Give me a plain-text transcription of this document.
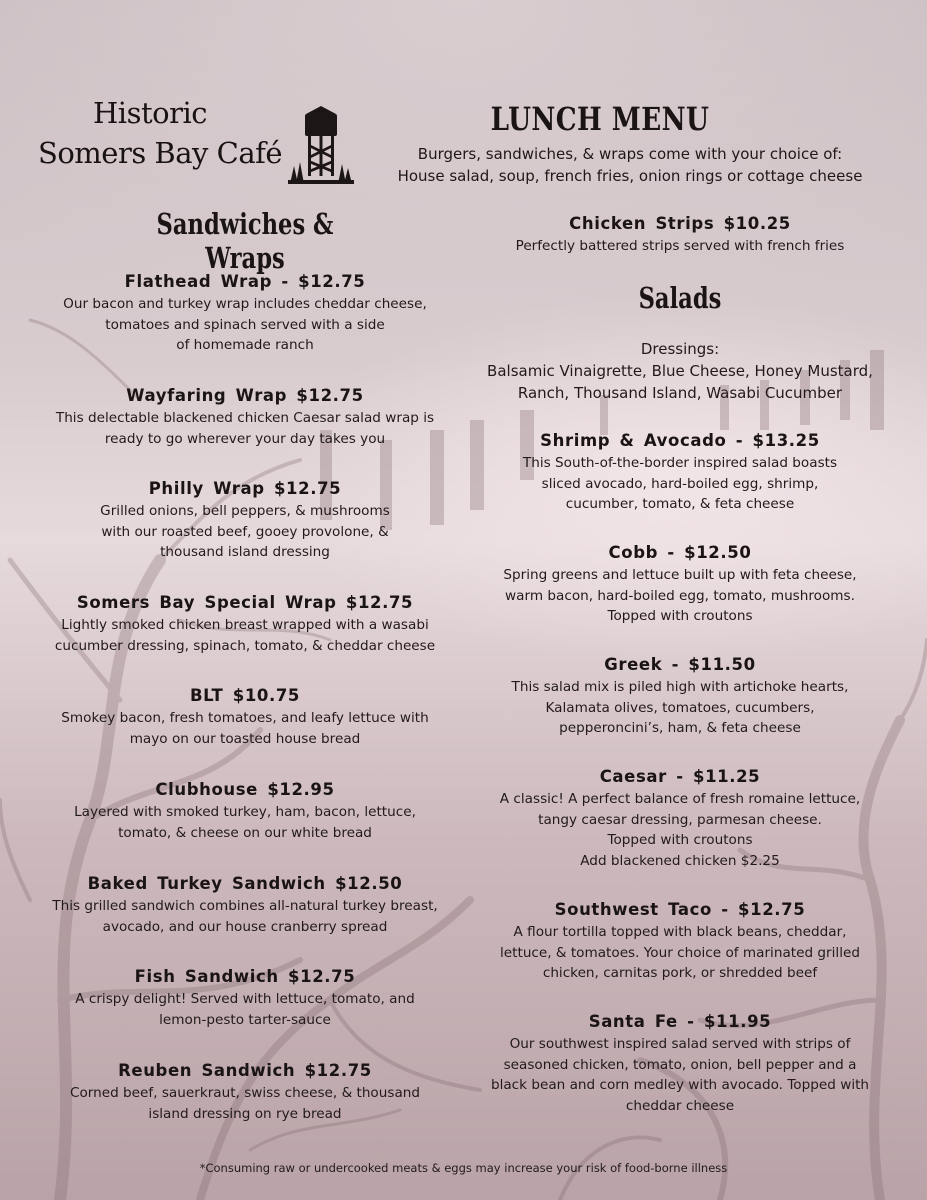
Historic
Somers Bay Café
LUNCH MENU
Burgers, sandwiches, & wraps come with your choice of:
House salad, soup, french fries, onion rings or cottage cheese
Sandwiches & Wraps
Flathead Wrap - $12.75
Our bacon and turkey wrap includes cheddar cheese,
tomatoes and spinach served with a side
of homemade ranch
Wayfaring Wrap $12.75
This delectable blackened chicken Caesar salad wrap is
ready to go wherever your day takes you
Philly Wrap $12.75
Grilled onions, bell peppers, & mushrooms
with our roasted beef, gooey provolone, &
thousand island dressing
Somers Bay Special Wrap $12.75
Lightly smoked chicken breast wrapped with a wasabi
cucumber dressing, spinach, tomato, & cheddar cheese
BLT $10.75
Smokey bacon, fresh tomatoes, and leafy lettuce with
mayo on our toasted house bread
Clubhouse $12.95
Layered with smoked turkey, ham, bacon, lettuce,
tomato, & cheese on our white bread
Baked Turkey Sandwich $12.50
This grilled sandwich combines all-natural turkey breast,
avocado, and our house cranberry spread
Fish Sandwich $12.75
A crispy delight! Served with lettuce, tomato, and
lemon-pesto tarter-sauce
Reuben Sandwich $12.75
Corned beef, sauerkraut, swiss cheese, & thousand
island dressing on rye bread
Chicken Strips $10.25
Perfectly battered strips served with french fries
Salads
Dressings:
Balsamic Vinaigrette, Blue Cheese, Honey Mustard,
Ranch, Thousand Island, Wasabi Cucumber
Shrimp & Avocado - $13.25
This South-of-the-border inspired salad boasts
sliced avocado, hard-boiled egg, shrimp,
cucumber, tomato, & feta cheese
Cobb - $12.50
Spring greens and lettuce built up with feta cheese,
warm bacon, hard-boiled egg, tomato, mushrooms.
Topped with croutons
Greek - $11.50
This salad mix is piled high with artichoke hearts,
Kalamata olives, tomatoes, cucumbers,
pepperoncini’s, ham, & feta cheese
Caesar - $11.25
A classic! A perfect balance of fresh romaine lettuce,
tangy caesar dressing, parmesan cheese.
Topped with croutons
Add blackened chicken $2.25
Southwest Taco - $12.75
A flour tortilla topped with black beans, cheddar,
lettuce, & tomatoes. Your choice of marinated grilled
chicken, carnitas pork, or shredded beef
Santa Fe - $11.95
Our southwest inspired salad served with strips of
seasoned chicken, tomato, onion, bell pepper and a
black bean and corn medley with avocado. Topped with
cheddar cheese
*Consuming raw or undercooked meats & eggs may increase your risk of food-borne illness
